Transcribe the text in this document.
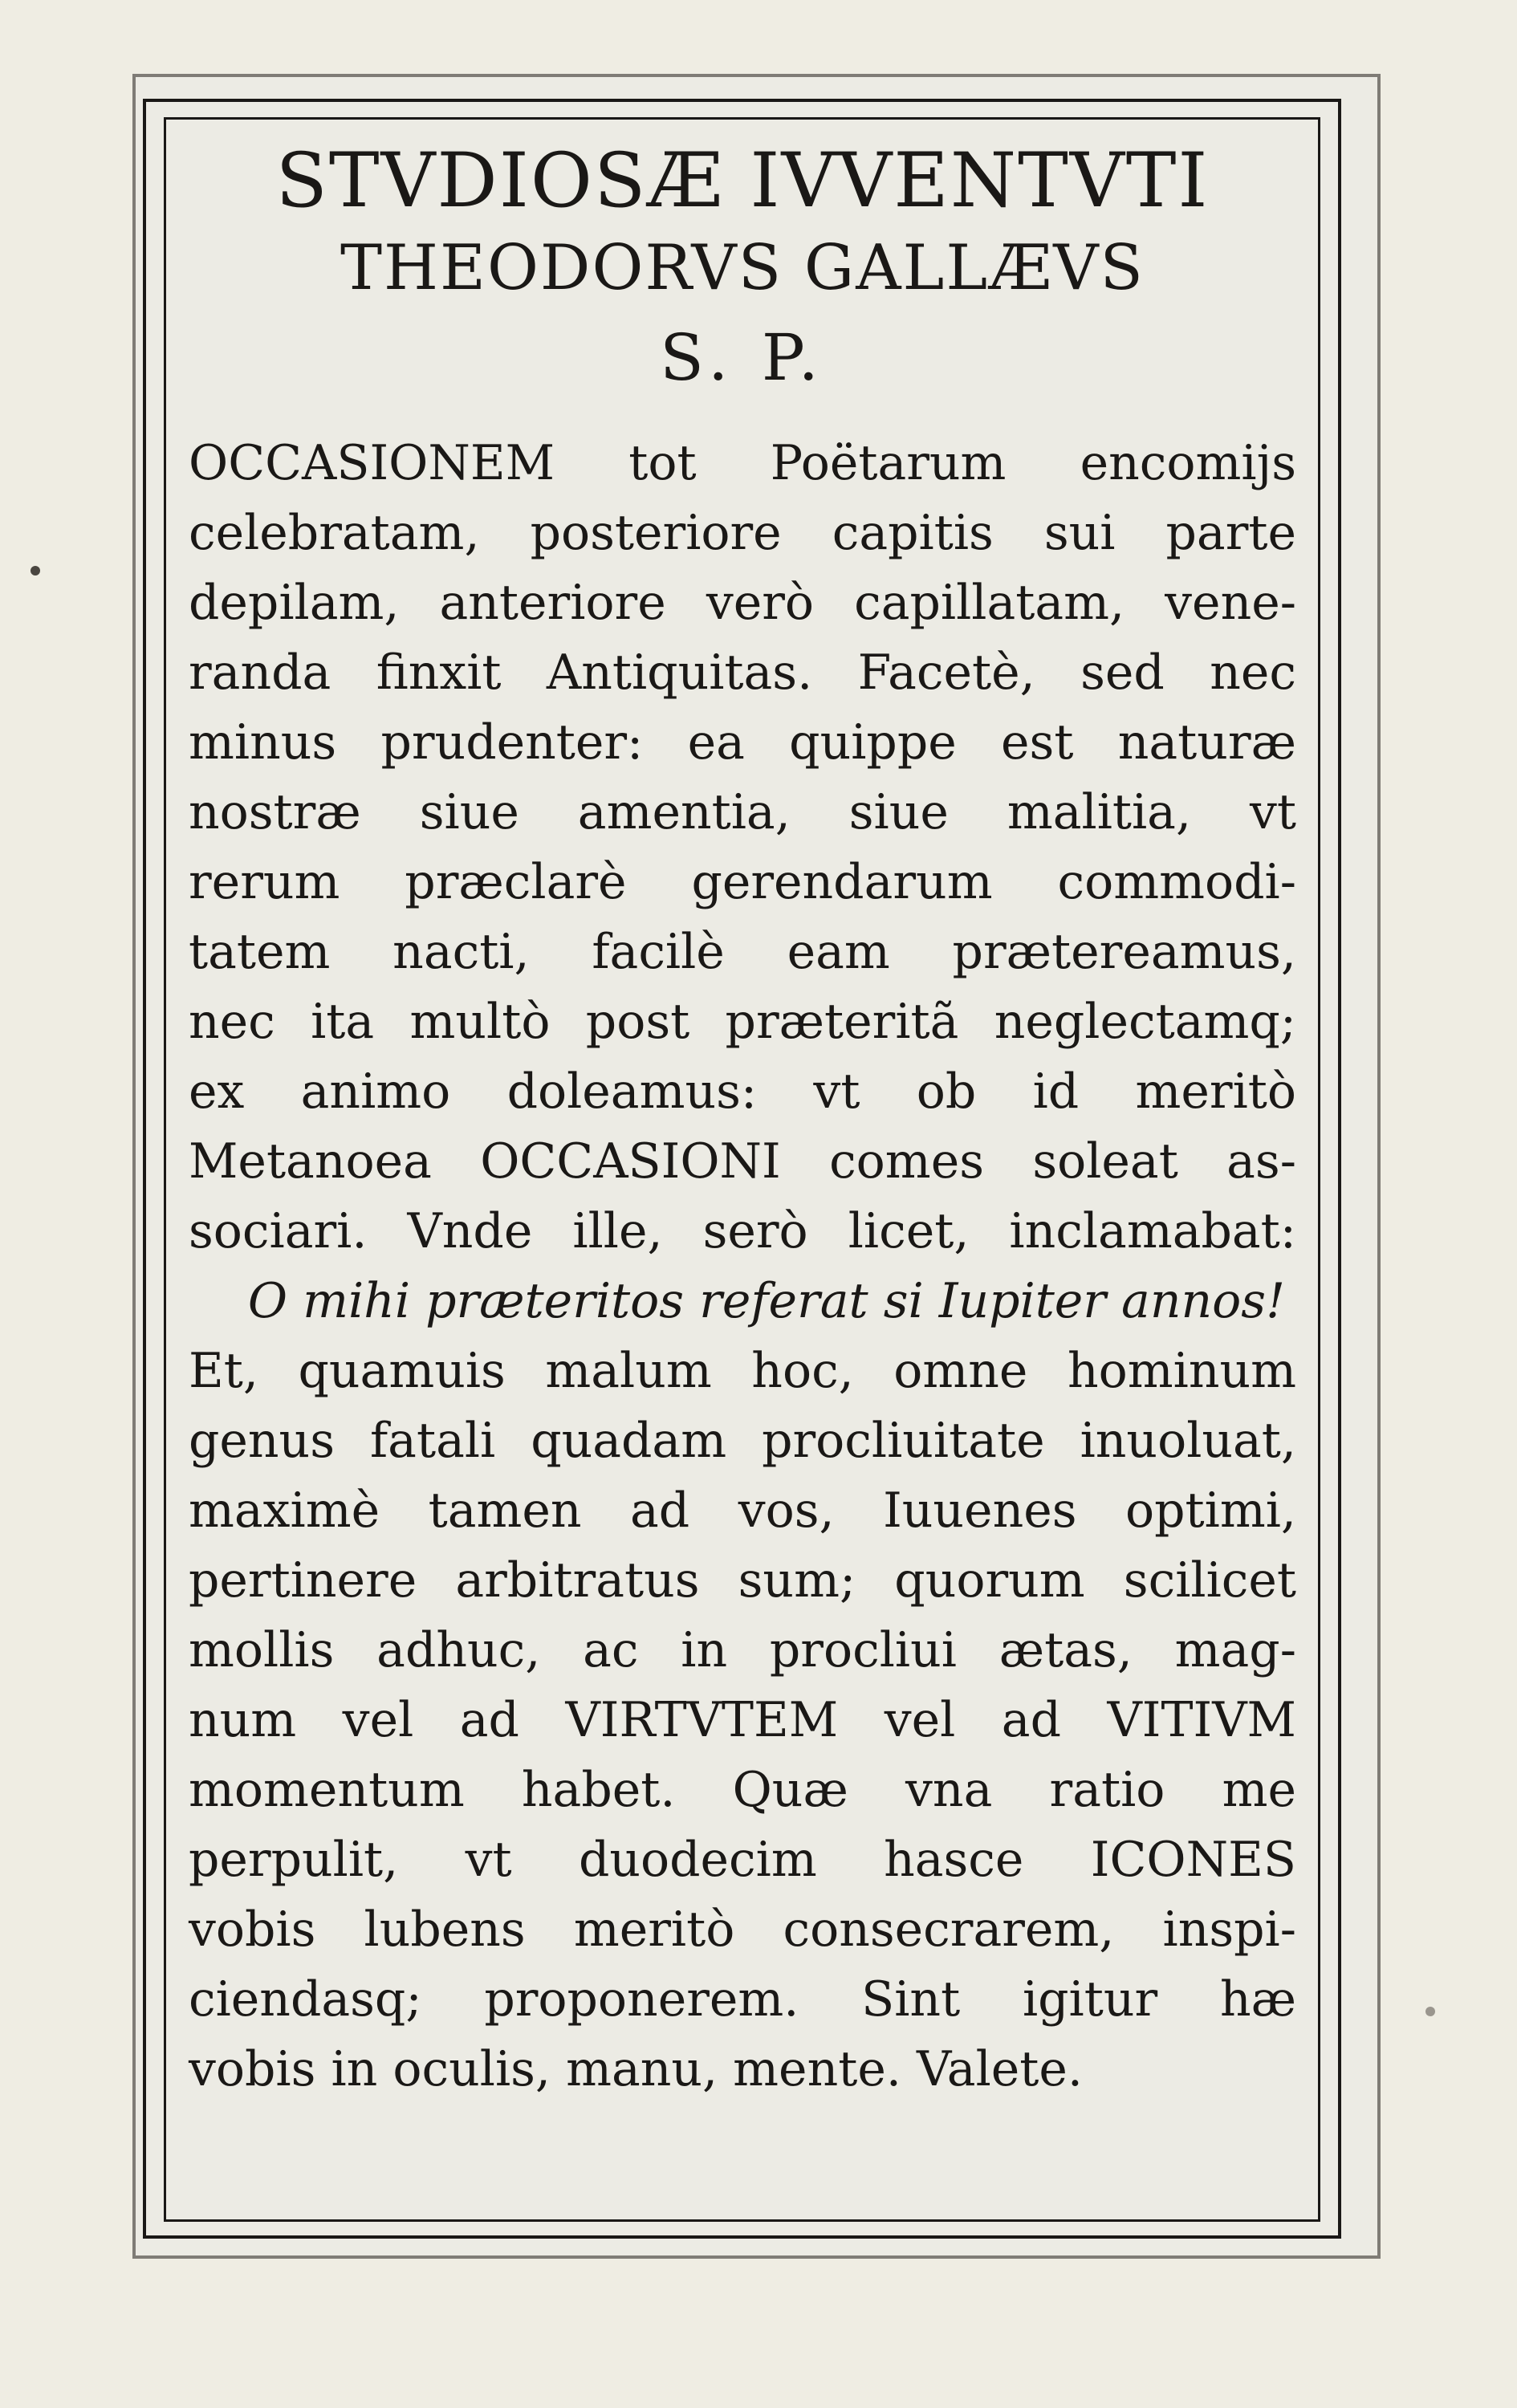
STVDIOSÆ IVVENTVTI
THEODORVS GALLÆVS
S. P.
OCCASIONEM tot Poëtarum encomijs
celebratam, posteriore capitis sui parte
depilam, anteriore verò capillatam, vene-
randa finxit Antiquitas. Facetè, sed nec
minus prudenter: ea quippe est naturæ
nostræ siue amentia, siue malitia, vt
rerum præclarè gerendarum commodi-
tatem nacti, facilè eam prætereamus,
nec ita multò post præteritã neglectamq;
ex animo doleamus: vt ob id meritò
Metanoea OCCASIONI comes soleat as-
sociari. Vnde ille, serò licet, inclamabat:
O mihi præteritos referat si Iupiter annos!
Et, quamuis malum hoc, omne hominum
genus fatali quadam procliuitate inuoluat,
maximè tamen ad vos, Iuuenes optimi,
pertinere arbitratus sum; quorum scilicet
mollis adhuc, ac in procliui ætas, mag-
num vel ad VIRTVTEM vel ad VITIVM
momentum habet. Quæ vna ratio me
perpulit, vt duodecim hasce ICONES
vobis lubens meritò consecrarem, inspi-
ciendasq; proponerem. Sint igitur hæ
vobis in oculis, manu, mente. Valete.
